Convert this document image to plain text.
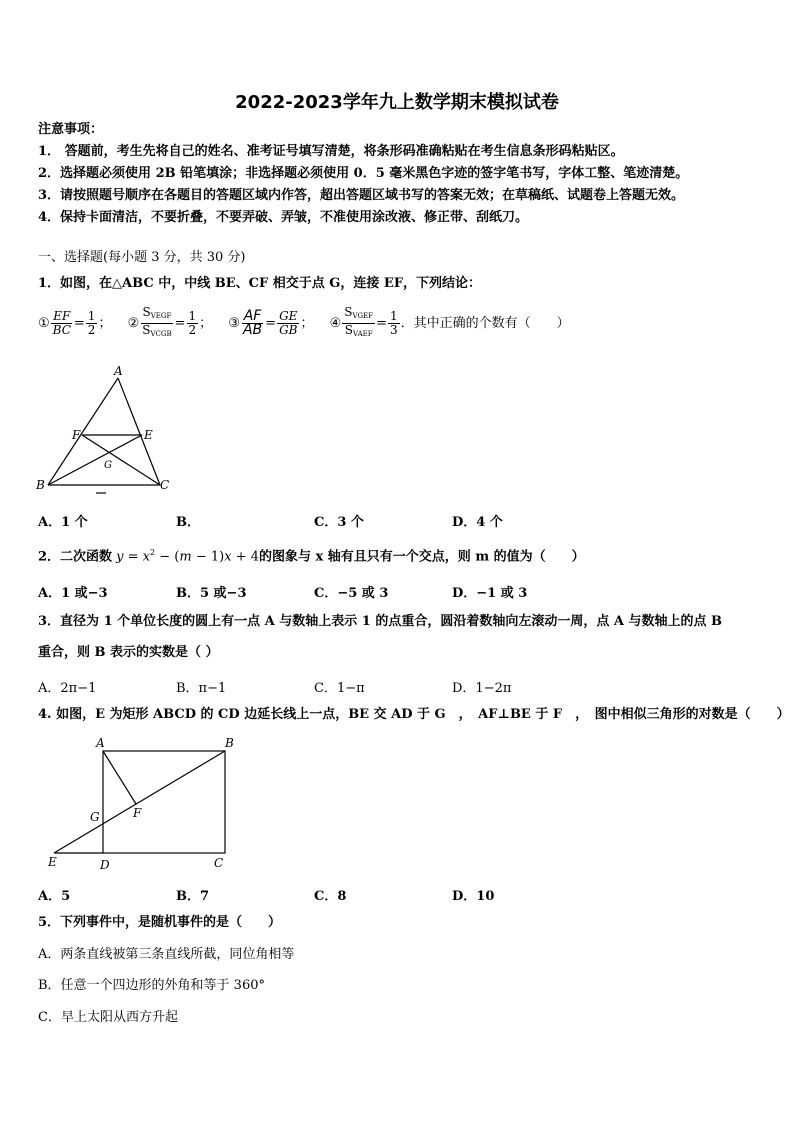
2022-2023学年九上数学期末模拟试卷
注意事项：
1． 答题前，考生先将自己的姓名、准考证号填写清楚，将条形码准确粘贴在考生信息条形码粘贴区。
2．选择题必须使用 2B 铅笔填涂；非选择题必须使用 0．5 毫米黑色字迹的签字笔书写，字体工整、笔迹清楚。
3．请按照题号顺序在各题目的答题区域内作答，超出答题区域书写的答案无效；在草稿纸、试题卷上答题无效。
4．保持卡面清洁，不要折叠，不要弄破、弄皱，不准使用涂改液、修正带、刮纸刀。
一、选择题(每小题 3 分，共 30 分)
1．如图，在△ABC 中，中线 BE、CF 相交于点 G，连接 EF，下列结论：
① $\frac{EF}{BC} = \frac{1}{2}$ ； ② $\frac{S_{VEGF}}{S_{VCGB}} = \frac{1}{2}$ ； ③ $\frac{AF}{AB} = \frac{GE}{GB}$ ； ④ $\frac{S_{VGEF}}{S_{VAEF}} = \frac{1}{3}$ ．其中正确的个数有（　　）
A
B	C
E
F
G
A．1 个	B．	C．3 个	D．4 个
2．二次函数 $y = x^2 - (m - 1)x + 4$的图象与 x 轴有且只有一个交点，则 m 的值为（　　）
A．1 或−3	B．5 或−3	C．−5 或 3	D．−1 或 3
3．直径为 1 个单位长度的圆上有一点 A 与数轴上表示 1 的点重合，圆沿着数轴向左滚动一周，点 A 与数轴上的点 B
重合，则 B 表示的实数是（ ）
A．2π−1	B．π−1	C．1−π	D．1−2π
4. 如图，E 为矩形 ABCD 的 CD 边延长线上一点，BE 交 AD 于 G　，　AF⊥BE 于 F　，　图中相似三角形的对数是（　　）
A	B
C
D
E
F
G
A．5	B．7	C．8	D．10
5．下列事件中，是随机事件的是（　　）
A．两条直线被第三条直线所截，同位角相等
B．任意一个四边形的外角和等于 360°
C．早上太阳从西方升起
